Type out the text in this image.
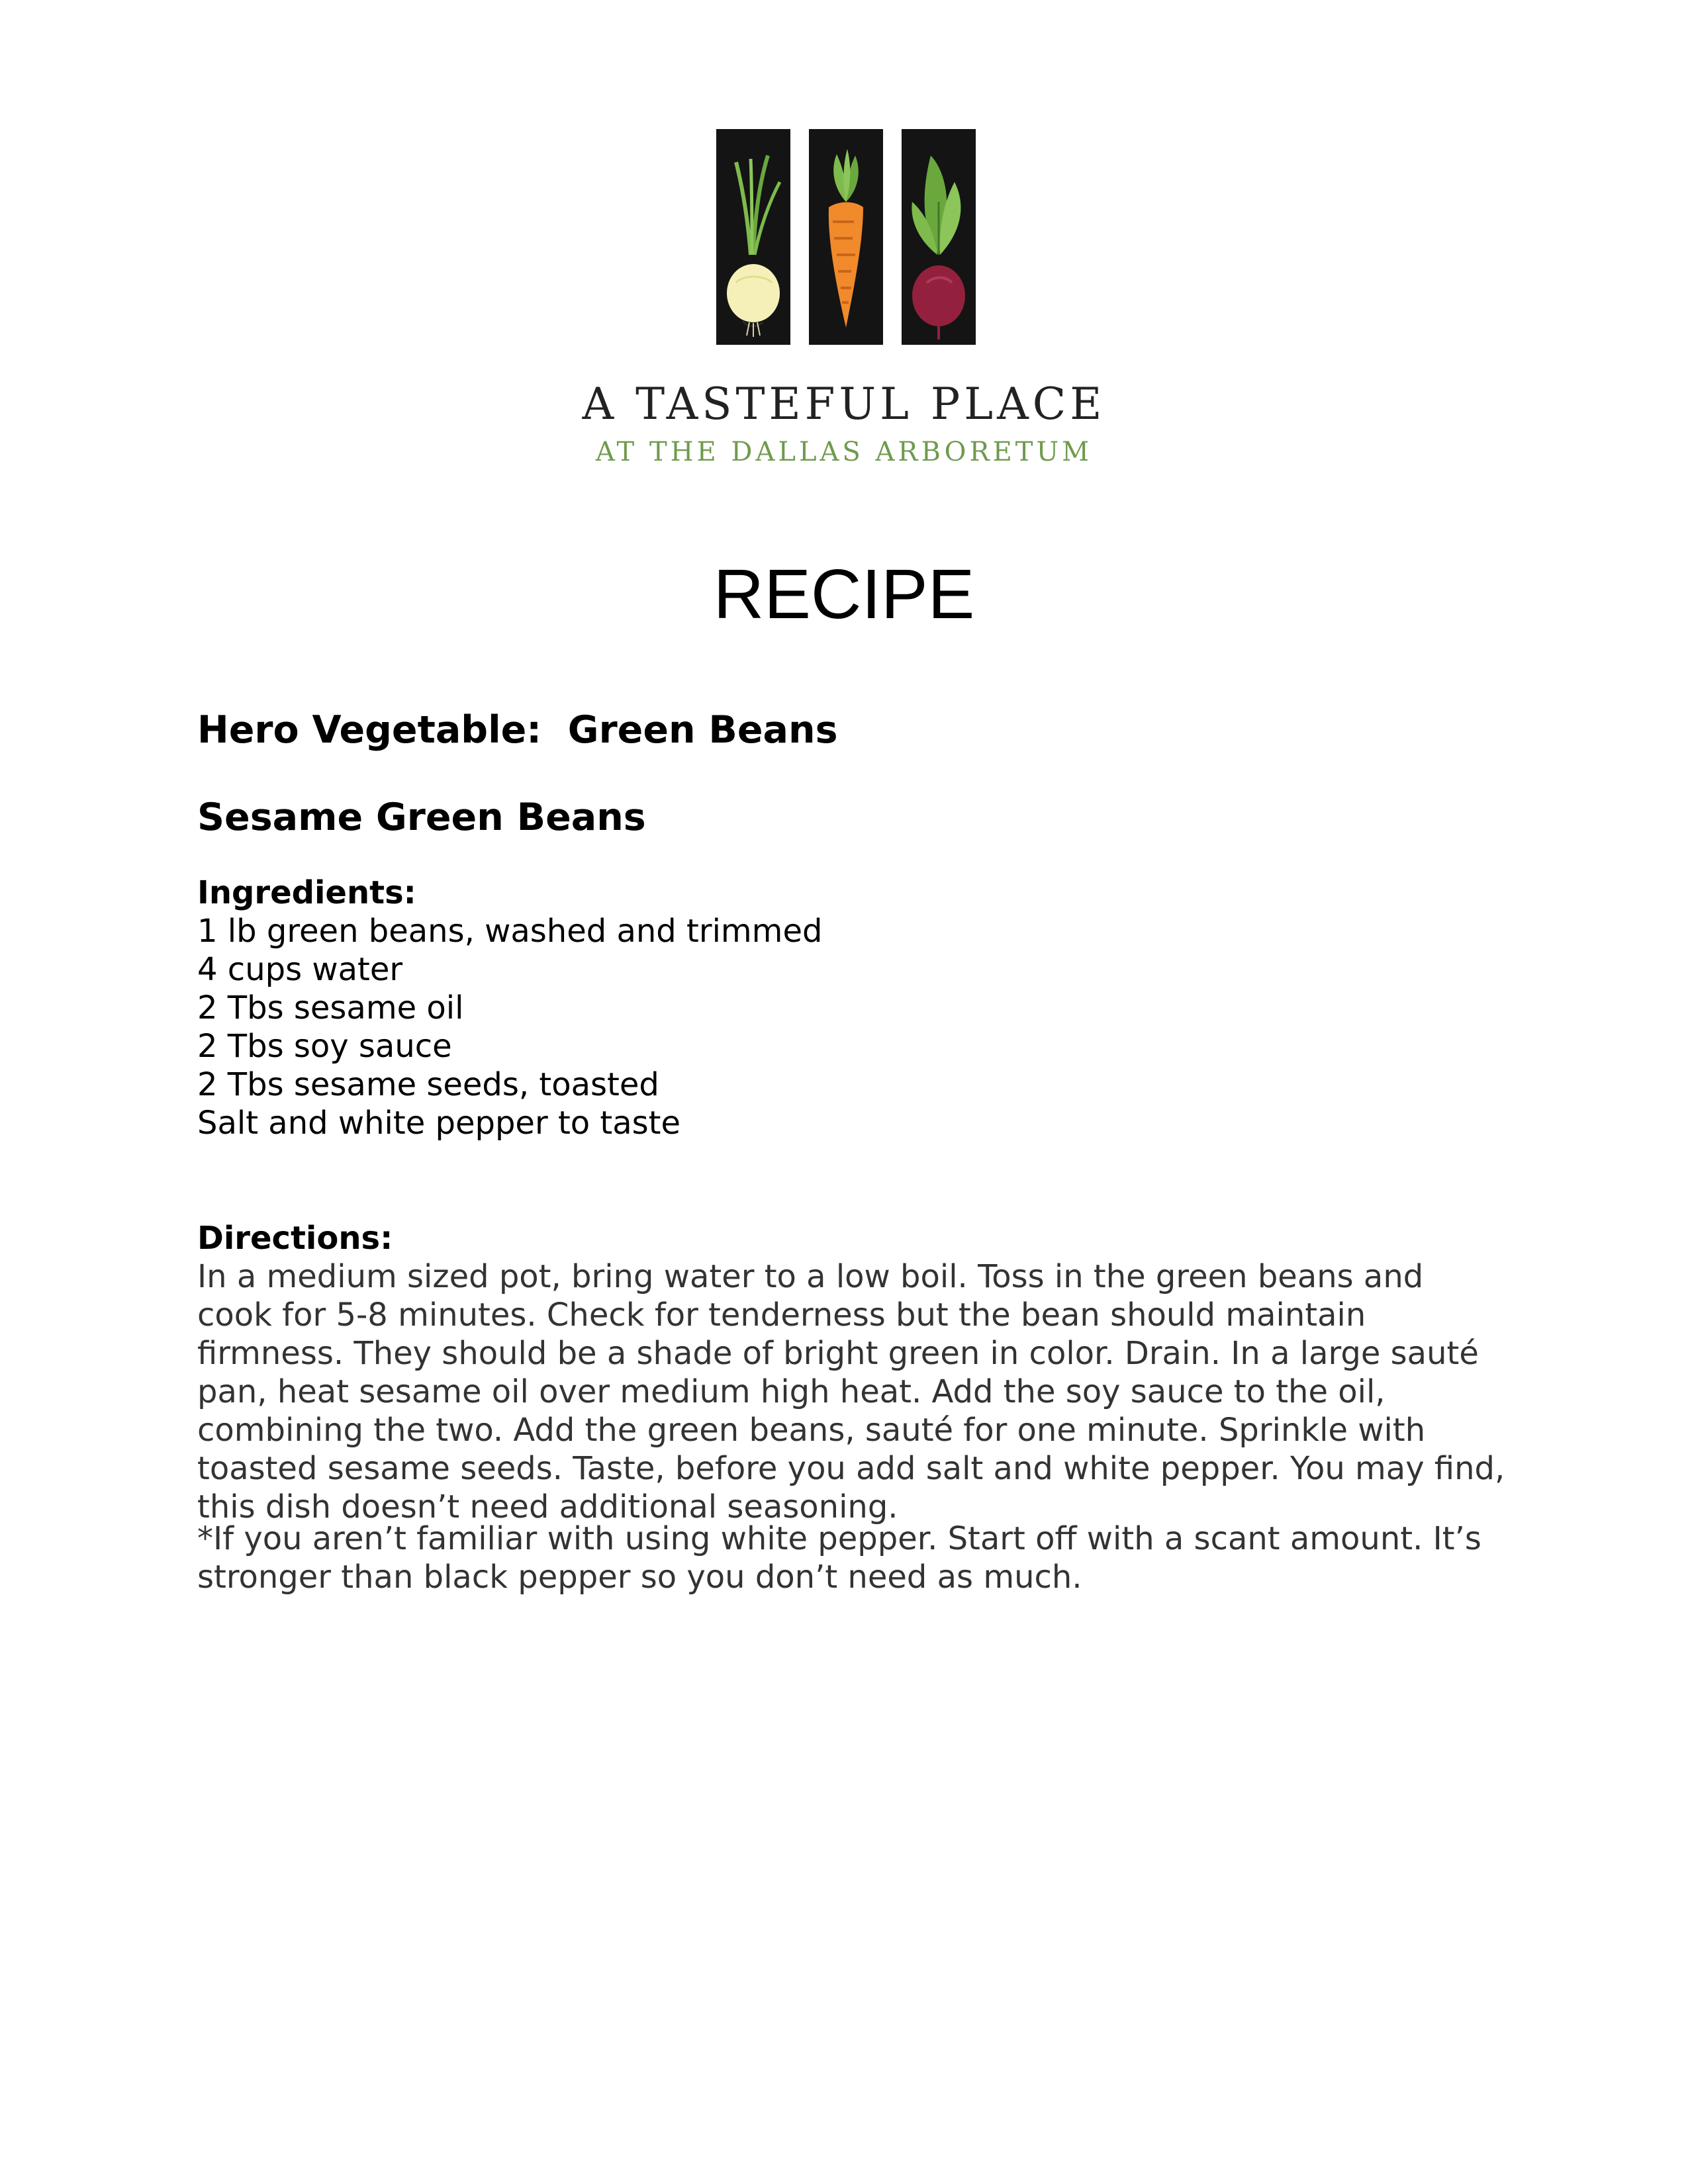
A TASTEFUL PLACE
AT THE DALLAS ARBORETUM
RECIPE
Hero Vegetable:  Green Beans
Sesame Green Beans
Ingredients:
1 lb green beans, washed and trimmed
4 cups water
2 Tbs sesame oil
2 Tbs soy sauce
2 Tbs sesame seeds, toasted
Salt and white pepper to taste
Directions:
In a medium sized pot, bring water to a low boil. Toss in the green beans and cook for 5-8 minutes. Check for tenderness but the bean should maintain firmness. They should be a shade of bright green in color. Drain. In a large sauté pan, heat sesame oil over medium high heat. Add the soy sauce to the oil, combining the two. Add the green beans, sauté for one minute. Sprinkle with toasted sesame seeds. Taste, before you add salt and white pepper. You may find, this dish doesn’t need additional seasoning.
*If you aren’t familiar with using white pepper. Start off with a scant amount. It’s stronger than black pepper so you don’t need as much.
